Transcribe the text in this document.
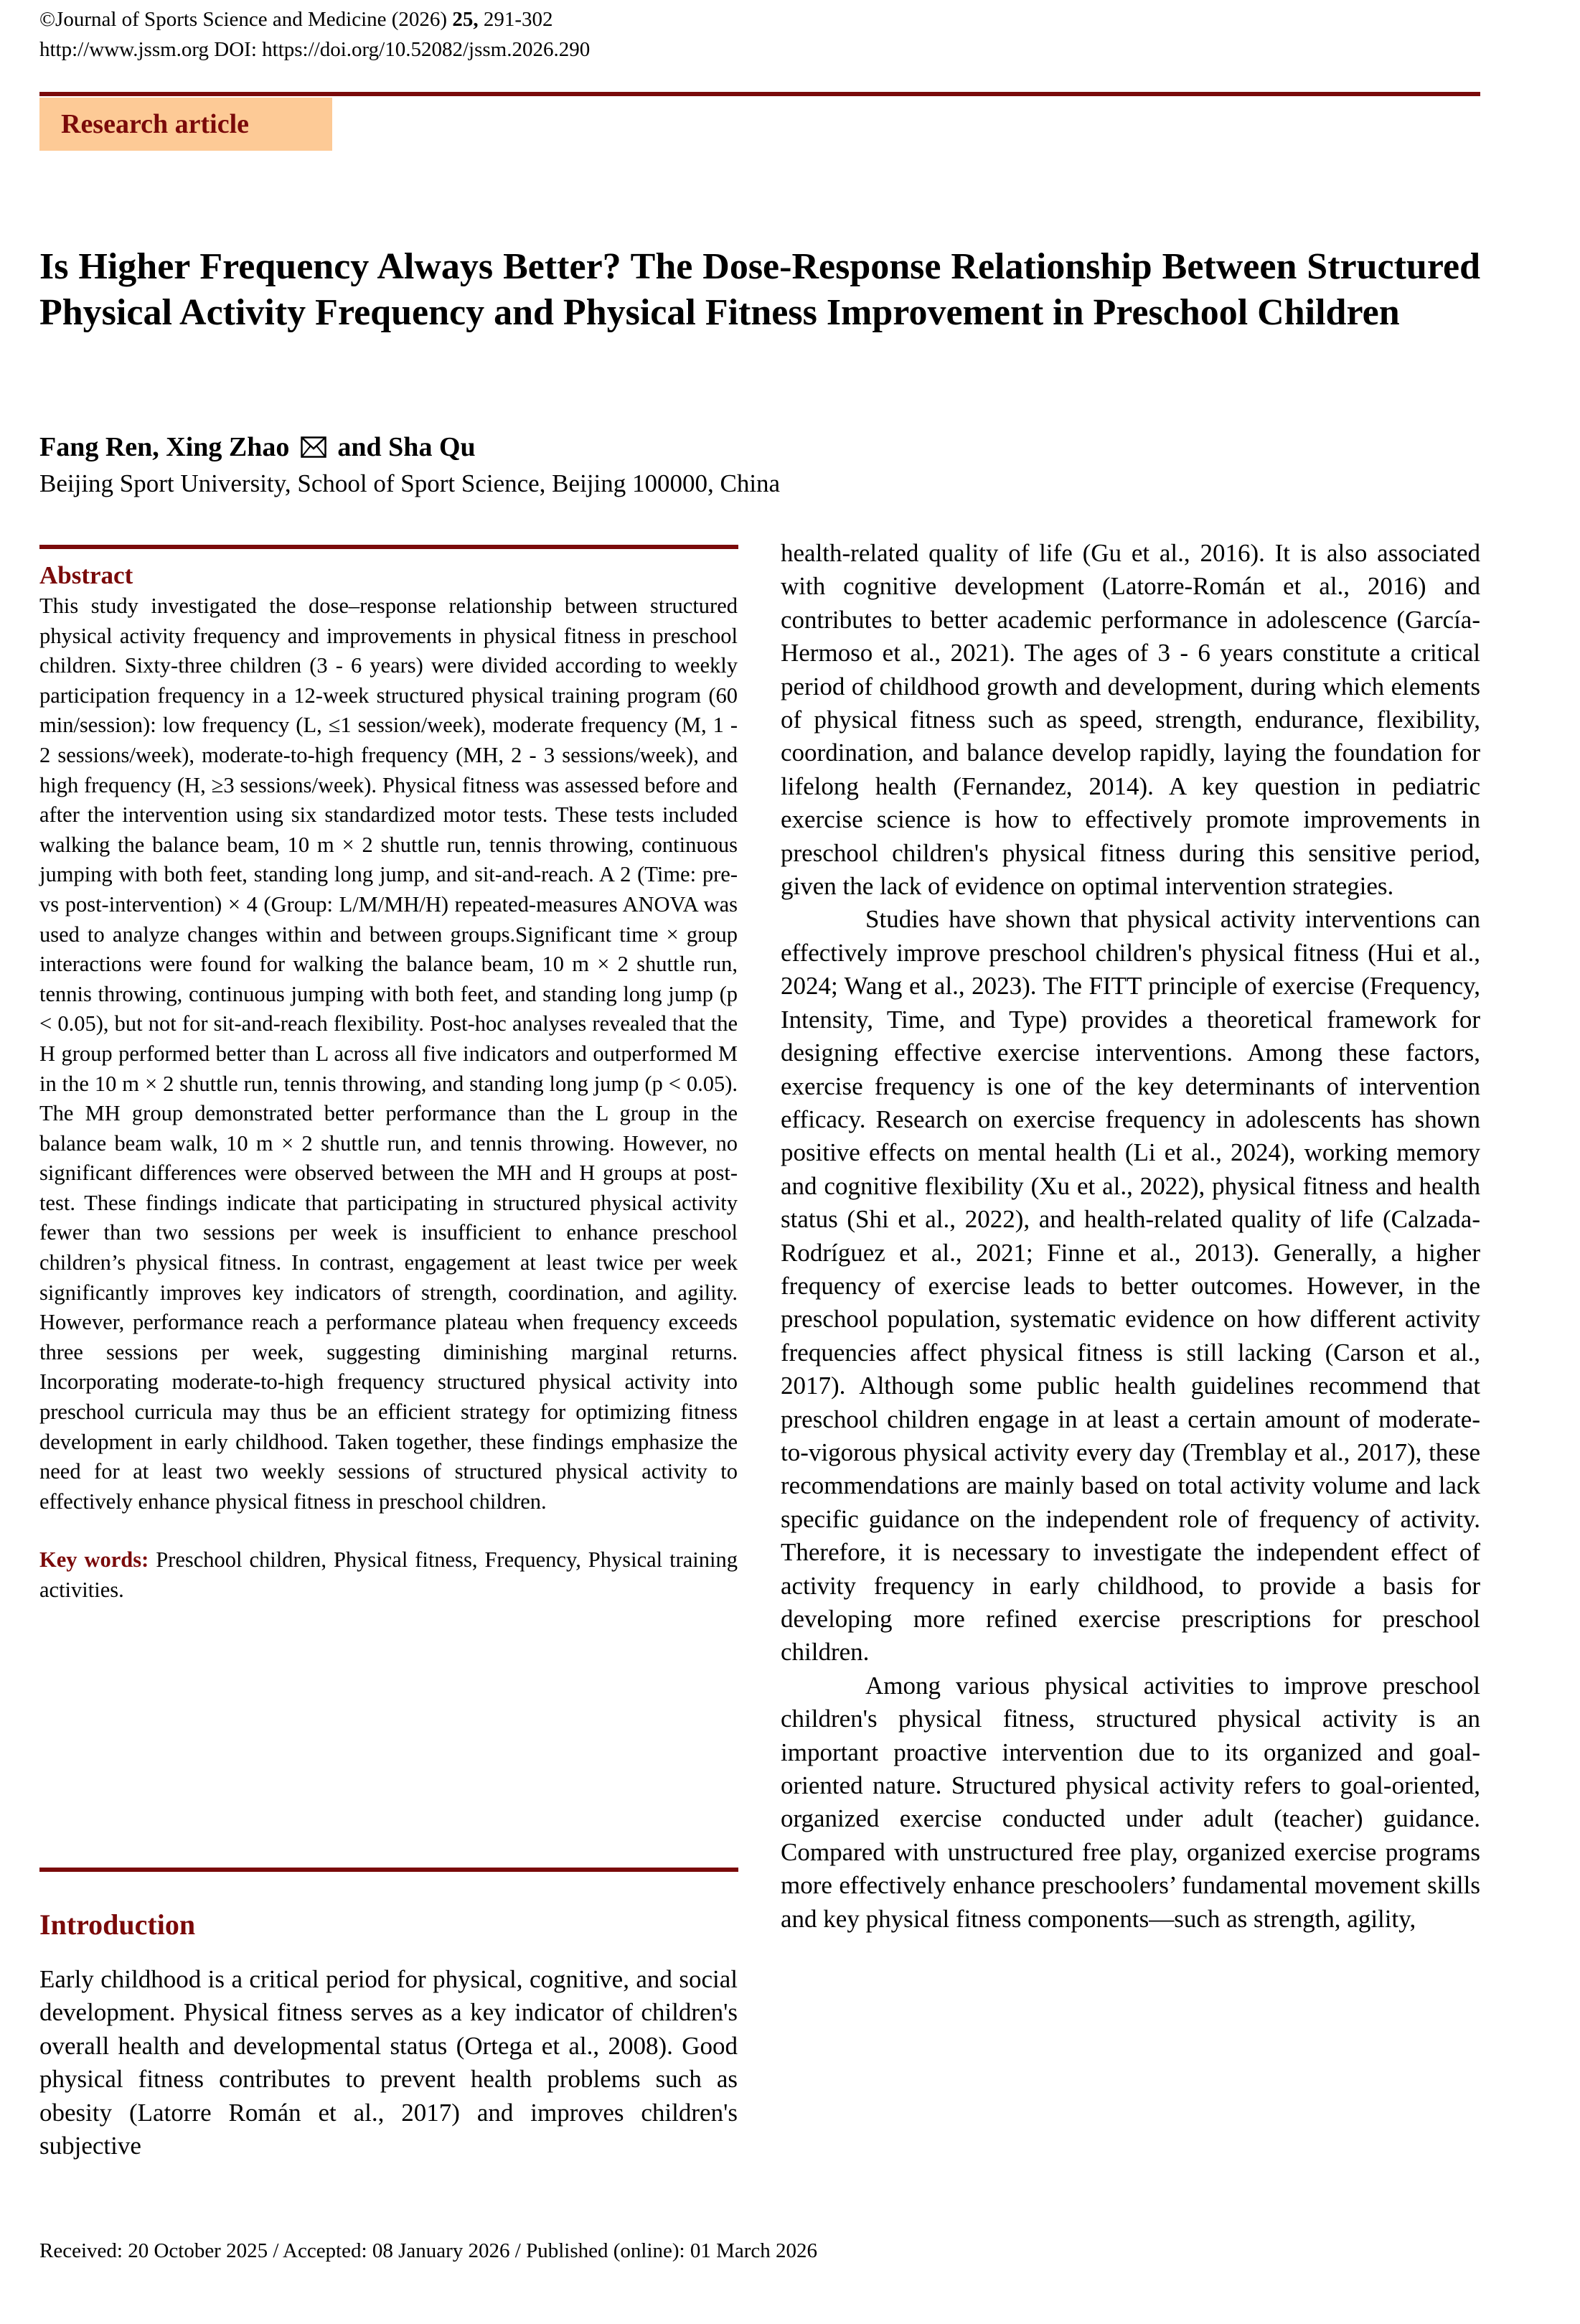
©Journal of Sports Science and Medicine (2026) 25, 291-302
http://www.jssm.org DOI: https://doi.org/10.52082/jssm.2026.290
Research article
Is Higher Frequency Always Better? The Dose-Response Relationship Between Structured Physical Activity Frequency and Physical Fitness Improvement in Preschool Children
Fang Ren, Xing Zhao and Sha Qu
Beijing Sport University, School of Sport Science, Beijing 100000, China
Abstract

This study investigated the dose–response relationship between structured physical activity frequency and improvements in physical fitness in preschool children. Sixty-three children (3 - 6 years) were divided according to weekly participation frequency in a 12-week structured physical training program (60 min/session): low frequency (L, ≤1 session/week), moderate frequency (M, 1 - 2 sessions/week), moderate-to-high frequency (MH, 2 - 3 sessions/week), and high frequency (H, ≥3 sessions/week). Physical fitness was assessed before and after the intervention using six standardized motor tests. These tests included walking the balance beam, 10 m × 2 shuttle run, tennis throwing, continuous jumping with both feet, standing long jump, and sit-and-reach. A 2 (Time: pre- vs post-intervention) × 4 (Group: L/M/MH/H) repeated-measures ANOVA was used to analyze changes within and between groups.Significant time × group interactions were found for walking the balance beam, 10 m × 2 shuttle run, tennis throwing, continuous jumping with both feet, and standing long jump (p < 0.05), but not for sit-and-reach flexibility. Post-hoc analyses revealed that the H group performed better than L across all five indicators and outperformed M in the 10 m × 2 shuttle run, tennis throwing, and standing long jump (p < 0.05). The MH group demonstrated better performance than the L group in the balance beam walk, 10 m × 2 shuttle run, and tennis throwing. However, no significant differences were observed between the MH and H groups at post-test. These findings indicate that participating in structured physical activity fewer than two sessions per week is insufficient to enhance preschool children’s physical fitness. In contrast, engagement at least twice per week significantly improves key indicators of strength, coordination, and agility. However, performance reach a performance plateau when frequency exceeds three sessions per week, suggesting diminishing marginal returns. Incorporating moderate-to-high frequency structured physical activity into preschool curricula may thus be an efficient strategy for optimizing fitness development in early childhood. Taken together, these findings emphasize the need for at least two weekly sessions of structured physical activity to effectively enhance physical fitness in preschool children.

Key words: Preschool children, Physical fitness, Frequency, Physical training activities.

Introduction

Early childhood is a critical period for physical, cognitive, and social development. Physical fitness serves as a key indicator of children's overall health and developmental status (Ortega et al., 2008). Good physical fitness contributes to prevent health problems such as obesity (Latorre Román et al., 2017) and improves children's subjective

health-related quality of life (Gu et al., 2016). It is also associated with cognitive development (Latorre-Román et al., 2016) and contributes to better academic performance in adolescence (García-Hermoso et al., 2021). The ages of 3 - 6 years constitute a critical period of childhood growth and development, during which elements of physical fitness such as speed, strength, endurance, flexibility, coordination, and balance develop rapidly, laying the foundation for lifelong health (Fernandez, 2014). A key question in pediatric exercise science is how to effectively promote improvements in preschool children's physical fitness during this sensitive period, given the lack of evidence on optimal intervention strategies.

Studies have shown that physical activity interventions can effectively improve preschool children's physical fitness (Hui et al., 2024; Wang et al., 2023). The FITT principle of exercise (Frequency, Intensity, Time, and Type) provides a theoretical framework for designing effective exercise interventions. Among these factors, exercise frequency is one of the key determinants of intervention efficacy. Research on exercise frequency in adolescents has shown positive effects on mental health (Li et al., 2024), working memory and cognitive flexibility (Xu et al., 2022), physical fitness and health status (Shi et al., 2022), and health-related quality of life (Calzada- Rodríguez et al., 2021; Finne et al., 2013). Generally, a higher frequency of exercise leads to better outcomes. However, in the preschool population, systematic evidence on how different activity frequencies affect physical fitness is still lacking (Carson et al., 2017). Although some public health guidelines recommend that preschool children engage in at least a certain amount of moderate-to-vigorous physical activity every day (Tremblay et al., 2017), these recommendations are mainly based on total activity volume and lack specific guidance on the independent role of frequency of activity. Therefore, it is necessary to investigate the independent effect of activity frequency in early childhood, to provide a basis for developing more refined exercise prescriptions for preschool children.

Among various physical activities to improve preschool children's physical fitness, structured physical activity is an important proactive intervention due to its organized and goal-oriented nature. Structured physical activity refers to goal-oriented, organized exercise conducted under adult (teacher) guidance. Compared with unstructured free play, organized exercise programs more effectively enhance preschoolers’ fundamental movement skills and key physical fitness components—such as strength, agility,

Received: 20 October 2025 / Accepted: 08 January 2026 / Published (online): 01 March 2026
